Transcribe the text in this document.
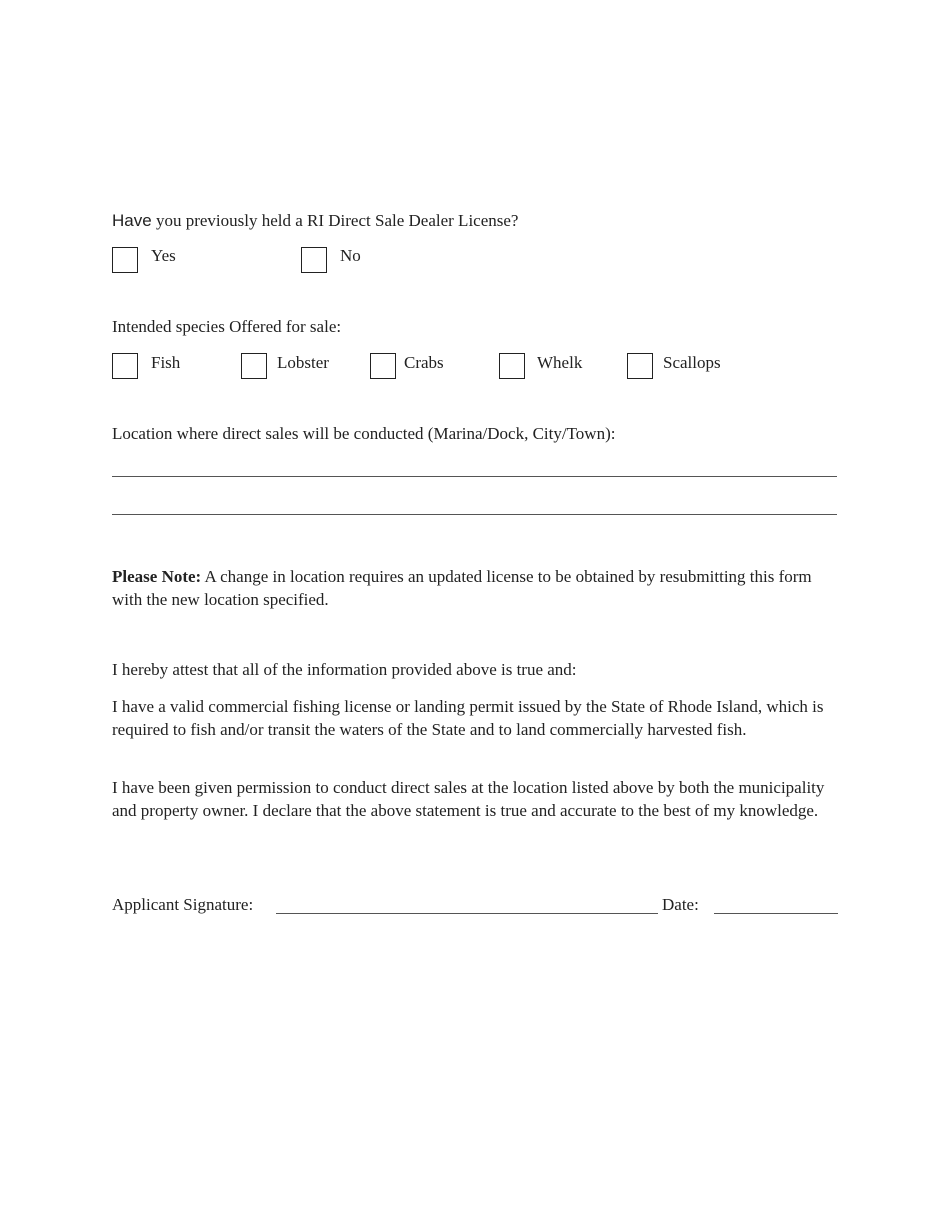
Have you previously held a RI Direct Sale Dealer License?
Yes	No
Intended species Offered for sale:
Fish	Lobster	Crabs	Whelk	Scallops
Location where direct sales will be conducted (Marina/Dock, City/Town):
Please Note: A change in location requires an updated license to be obtained by resubmitting this form with the new location specified.
I hereby attest that all of the information provided above is true and:
I have a valid commercial fishing license or landing permit issued by the State of Rhode Island, which is required to fish and/or transit the waters of the State and to land commercially harvested fish.
I have been given permission to conduct direct sales at the location listed above by both the municipality and property owner. I declare that the above statement is true and accurate to the best of my knowledge.
Applicant Signature:	Date:
